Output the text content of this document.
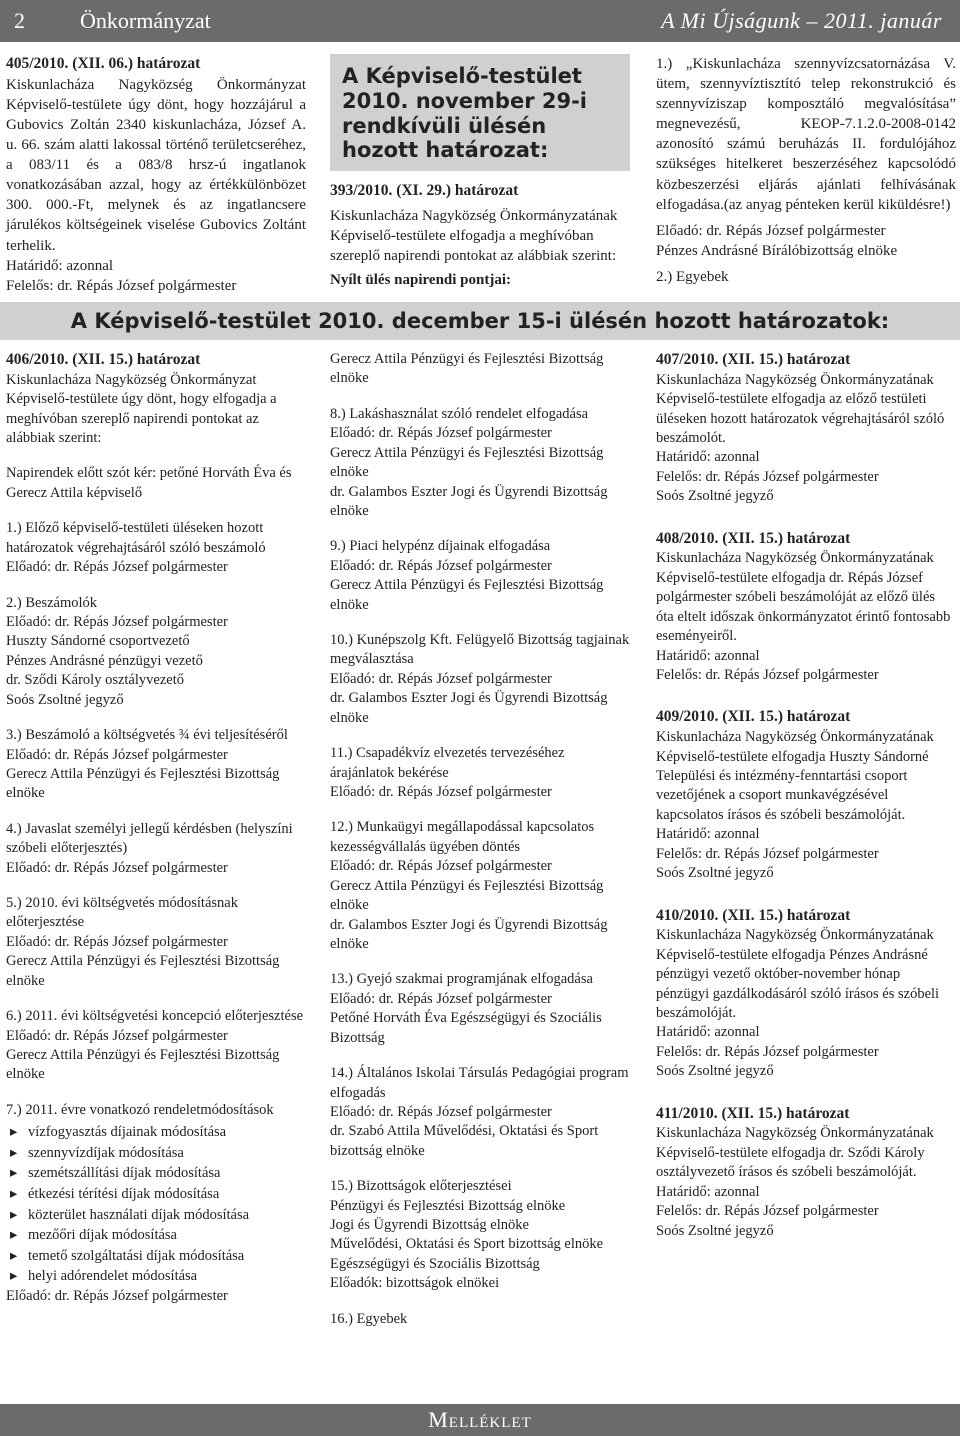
2	Önkormányzat	A Mi Újságunk – 2011. január

405/2010. (XII. 06.) határozat

Kiskunlacháza Nagyközség Önkormányzat Képviselő-testülete úgy dönt, hogy hozzájárul a Gubovics Zoltán 2340 kiskunlacháza, József A. u. 66. szám alatti lakossal történő területcseréhez, a 083/11 és a 083/8 hrsz-ú ingatlanok vonatkozásában azzal, hogy az értékkülönbözet 300. 000.-Ft, melynek és az ingatlancsere járulékos költségeinek viselése Gubovics Zoltánt terhelik.

Határidő: azonnal

Felelős: dr. Répás József polgármester

A Képviselő-testület 2010. november 29-i rendkívüli ülésén hozott határozat:

393/2010. (XI. 29.) határozat

Kiskunlacháza Nagyközség Önkormányzatának Képviselő-testülete elfogadja a meghívóban szereplő napirendi pontokat az alábbiak szerint:

Nyílt ülés napirendi pontjai:

1.) „Kiskunlacháza szennyvízcsatornázása V. ütem, szennyvíztisztító telep rekonstrukció és szennyvíziszap komposztáló megvalósítása” megnevezésű, KEOP-7.1.2.0-2008-0142 azonosító számú beruházás II. fordulójához szükséges hitelkeret beszerzéséhez kapcsolódó közbeszerzési eljárás ajánlati felhívásának elfogadása.(az anyag pénteken kerül kiküldésre!)

Előadó: dr. Répás József polgármester

Pénzes Andrásné Bírálóbizottság elnöke

2.) Egyebek

A Képviselő-testület 2010. december 15-i ülésén hozott határozatok:

406/2010. (XII. 15.) határozat

Kiskunlacháza Nagyközség Önkormányzat Képviselő-testülete úgy dönt, hogy elfogadja a meghívóban szereplő napirendi pontokat az alábbiak szerint:

Napirendek előtt szót kér: petőné Horváth Éva és Gerecz Attila képviselő

1.) Előző képviselő-testületi üléseken hozott határozatok végrehajtásáról szóló beszámoló

Előadó: dr. Répás József polgármester

2.) Beszámolók

Előadó: dr. Répás József polgármester

Huszty Sándorné csoportvezető

Pénzes Andrásné pénzügyi vezető

dr. Sződi Károly osztályvezető

Soós Zsoltné jegyző

3.) Beszámoló a költségvetés ¾ évi teljesítéséről

Előadó: dr. Répás József polgármester

Gerecz Attila Pénzügyi és Fejlesztési Bizottság elnöke

4.) Javaslat személyi jellegű kérdésben (helyszíni szóbeli előterjesztés)

Előadó: dr. Répás József polgármester

5.) 2010. évi költségvetés módosításnak előterjesztése

Előadó: dr. Répás József polgármester

Gerecz Attila Pénzügyi és Fejlesztési Bizottság elnöke

6.) 2011. évi költségvetési koncepció előterjesztése

Előadó: dr. Répás József polgármester

Gerecz Attila Pénzügyi és Fejlesztési Bizottság elnöke

7.) 2011. évre vonatkozó rendeletmódosítások

▸ vízfogyasztás díjainak módosítása
▸ szennyvízdíjak módosítása
▸ szemétszállítási díjak módosítása
▸ étkezési térítési díjak módosítása
▸ közterület használati díjak módosítása
▸ mezőőri díjak módosítása
▸ temető szolgáltatási díjak módosítása
▸ helyi adórendelet módosítása

Előadó: dr. Répás József polgármester

Gerecz Attila Pénzügyi és Fejlesztési Bizottság elnöke

8.) Lakáshasználat szóló rendelet elfogadása

Előadó: dr. Répás József polgármester

Gerecz Attila Pénzügyi és Fejlesztési Bizottság elnöke

dr. Galambos Eszter Jogi és Ügyrendi Bizottság elnöke

9.) Piaci helypénz díjainak elfogadása

Előadó: dr. Répás József polgármester

Gerecz Attila Pénzügyi és Fejlesztési Bizottság elnöke

10.) Kunépszolg Kft. Felügyelő Bizottság tagjainak megválasztása

Előadó: dr. Répás József polgármester

dr. Galambos Eszter Jogi és Ügyrendi Bizottság elnöke

11.) Csapadékvíz elvezetés tervezéséhez árajánlatok bekérése

Előadó: dr. Répás József polgármester

12.) Munkaügyi megállapodással kapcsolatos kezességvállalás ügyében döntés

Előadó: dr. Répás József polgármester

Gerecz Attila Pénzügyi és Fejlesztési Bizottság elnöke

dr. Galambos Eszter Jogi és Ügyrendi Bizottság elnöke

13.) Gyejó szakmai programjának elfogadása

Előadó: dr. Répás József polgármester

Petőné Horváth Éva Egészségügyi és Szociális Bizottság

14.) Általános Iskolai Társulás Pedagógiai program elfogadás

Előadó: dr. Répás József polgármester

dr. Szabó Attila Művelődési, Oktatási és Sport bizottság elnöke

15.) Bizottságok előterjesztései

Pénzügyi és Fejlesztési Bizottság elnöke

Jogi és Ügyrendi Bizottság elnöke

Művelődési, Oktatási és Sport bizottság elnöke

Egészségügyi és Szociális Bizottság

Előadók: bizottságok elnökei

16.) Egyebek

407/2010. (XII. 15.) határozat

Kiskunlacháza Nagyközség Önkormányzatának Képviselő-testülete elfogadja az előző testületi üléseken hozott határozatok végrehajtásáról szóló beszámolót.

Határidő: azonnal

Felelős: dr. Répás József polgármester

Soós Zsoltné jegyző

408/2010. (XII. 15.) határozat

Kiskunlacháza Nagyközség Önkormányzatának Képviselő-testülete elfogadja dr. Répás József polgármester szóbeli beszámolóját az előző ülés óta eltelt időszak önkormányzatot érintő fontosabb eseményeiről.

Határidő: azonnal

Felelős: dr. Répás József polgármester

409/2010. (XII. 15.) határozat

Kiskunlacháza Nagyközség Önkormányzatának Képviselő-testülete elfogadja Huszty Sándorné Települési és intézmény-fenntartási csoport vezetőjének a csoport munkavégzésével kapcsolatos írásos és szóbeli beszámolóját.

Határidő: azonnal

Felelős: dr. Répás József polgármester

Soós Zsoltné jegyző

410/2010. (XII. 15.) határozat

Kiskunlacháza Nagyközség Önkormányzatának Képviselő-testülete elfogadja Pénzes Andrásné pénzügyi vezető október-november hónap pénzügyi gazdálkodásáról szóló írásos és szóbeli beszámolóját.

Határidő: azonnal

Felelős: dr. Répás József polgármester

Soós Zsoltné jegyző

411/2010. (XII. 15.) határozat

Kiskunlacháza Nagyközség Önkormányzatának Képviselő-testülete elfogadja dr. Sződi Károly osztályvezető írásos és szóbeli beszámolóját.

Határidő: azonnal

Felelős: dr. Répás József polgármester

Soós Zsoltné jegyző

Melléklet
